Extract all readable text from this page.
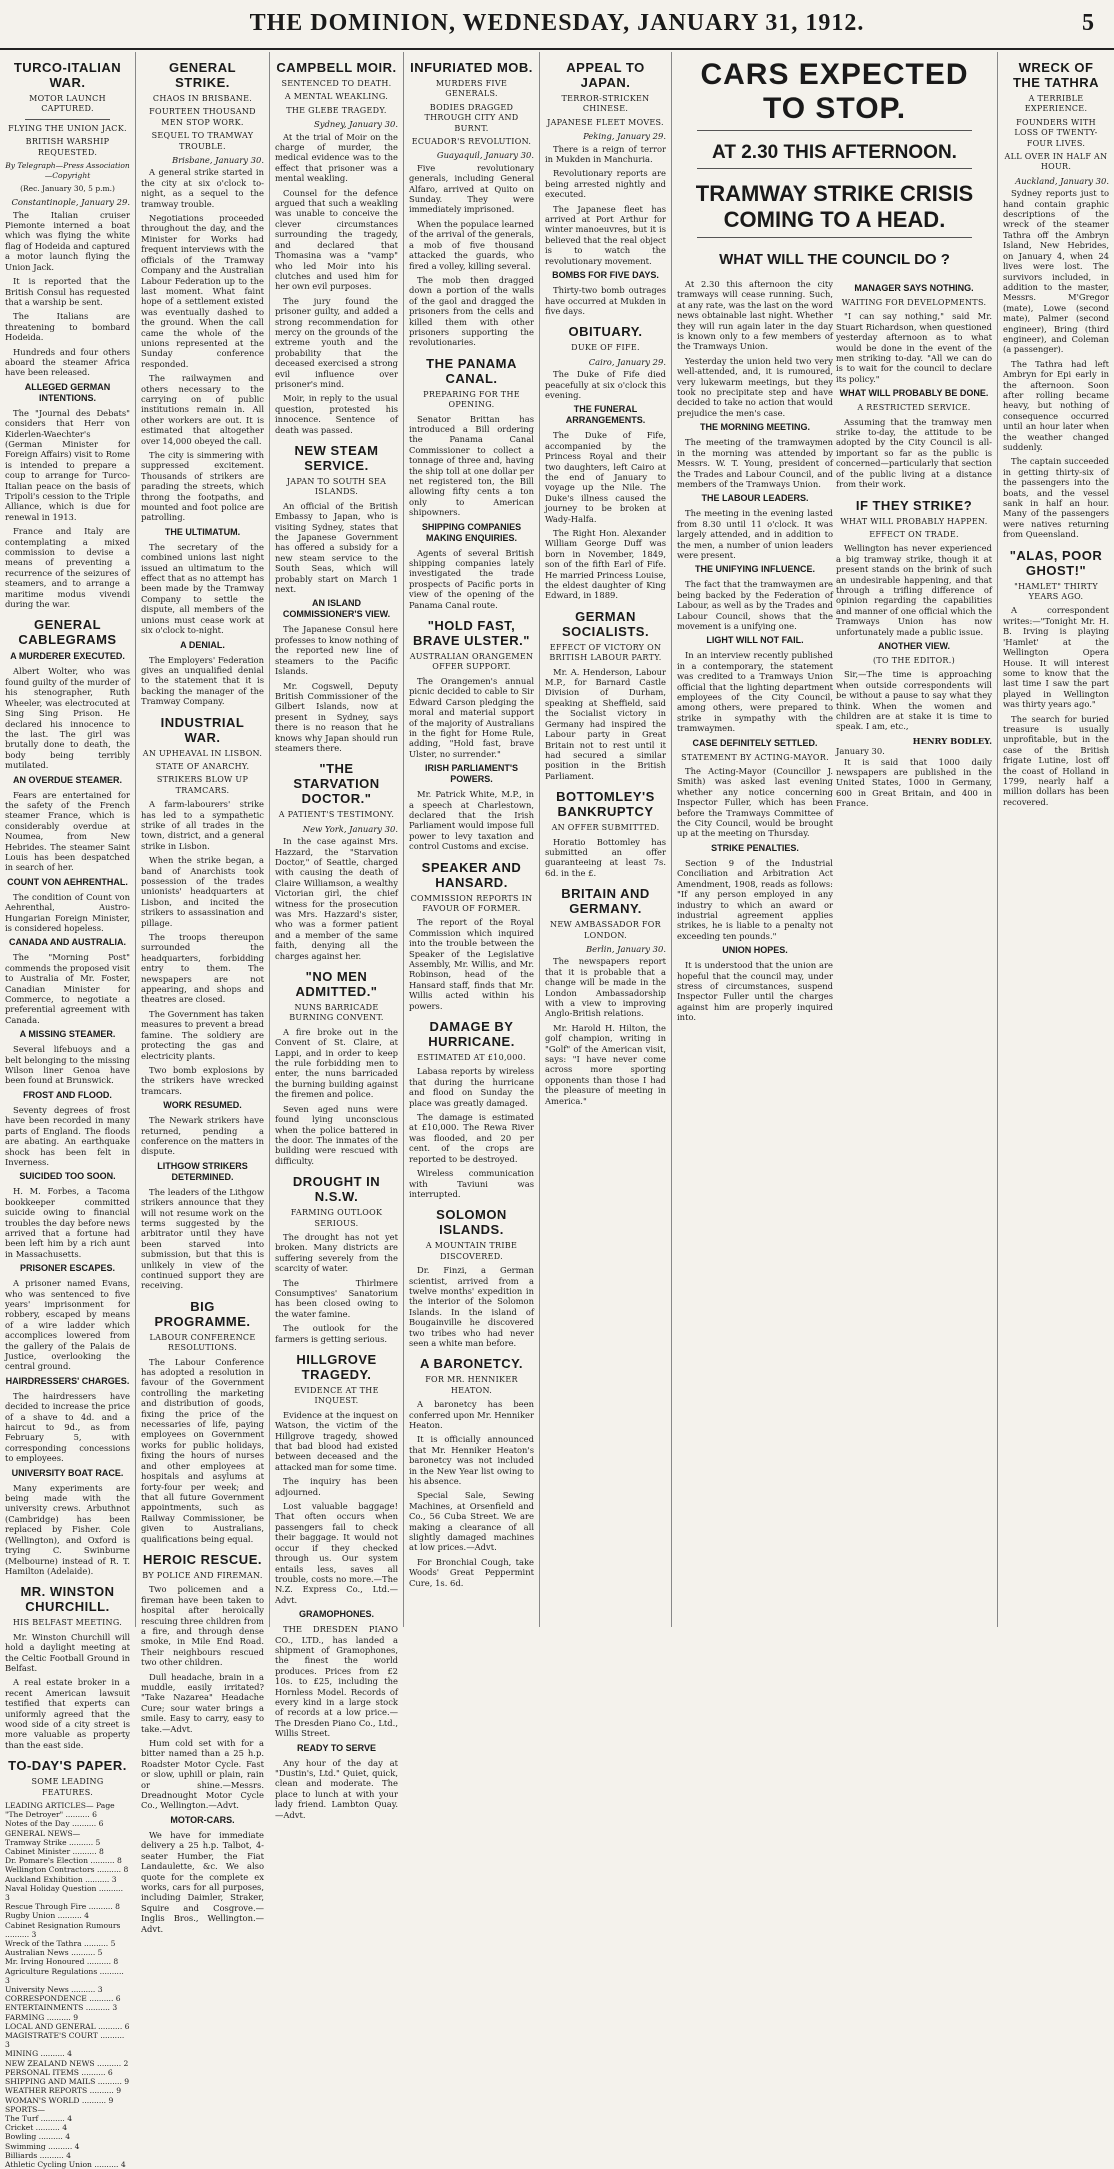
THE DOMINION, WEDNESDAY, JANUARY 31, 1912.	5
TURCO-ITALIAN WAR.
MOTOR LAUNCH CAPTURED.
FLYING THE UNION JACK.
BRITISH WARSHIP REQUESTED.
By Telegraph—Press Association—Copyright
(Rec. January 30, 5 p.m.)
Constantinople, January 29.

The Italian cruiser Piemonte interned a boat which was flying the white flag of Hodeida and captured a motor launch flying the Union Jack.

It is reported that the British Consul has requested that a warship be sent.

The Italians are threatening to bombard Hodeida.

Hundreds and four others aboard the steamer Africa have been released.

ALLEGED GERMAN INTENTIONS.

The "Journal des Debats" considers that Herr von Kiderlen-Waechter's (German Minister for Foreign Affairs) visit to Rome is intended to prepare a coup to arrange for Turco-Italian peace on the basis of Tripoli's cession to the Triple Alliance, which is due for renewal in 1913.

France and Italy are contemplating a mixed commission to devise a means of preventing a recurrence of the seizures of steamers, and to arrange a maritime modus vivendi during the war.

GENERAL CABLEGRAMS
A MURDERER EXECUTED.

Albert Wolter, who was found guilty of the murder of his stenographer, Ruth Wheeler, was electrocuted at Sing Sing Prison. He declared his innocence to the last. The girl was brutally done to death, the body being terribly mutilated.

AN OVERDUE STEAMER.

Fears are entertained for the safety of the French steamer France, which is considerably overdue at Noumea, from New Hebrides. The steamer Saint Louis has been despatched in search of her.

COUNT VON AEHRENTHAL.

The condition of Count von Aehrenthal, Austro-Hungarian Foreign Minister, is considered hopeless.

CANADA AND AUSTRALIA.

The "Morning Post" commends the proposed visit to Australia of Mr. Foster, Canadian Minister for Commerce, to negotiate a preferential agreement with Canada.

A MISSING STEAMER.

Several lifebuoys and a belt belonging to the missing Wilson liner Genoa have been found at Brunswick.

FROST AND FLOOD.

Seventy degrees of frost have been recorded in many parts of England. The floods are abating. An earthquake shock has been felt in Inverness.

SUICIDED TOO SOON.

H. M. Forbes, a Tacoma bookkeeper committed suicide owing to financial troubles the day before news arrived that a fortune had been left him by a rich aunt in Massachusetts.

PRISONER ESCAPES.

A prisoner named Evans, who was sentenced to five years' imprisonment for robbery, escaped by means of a wire ladder which accomplices lowered from the gallery of the Palais de Justice, overlooking the central ground.

HAIRDRESSERS' CHARGES.

The hairdressers have decided to increase the price of a shave to 4d. and a haircut to 9d., as from February 5, with corresponding concessions to employees.

UNIVERSITY BOAT RACE.

Many experiments are being made with the university crews. Arbuthnot (Cambridge) has been replaced by Fisher. Cole (Wellington), and Oxford is trying C. Swinburne (Melbourne) instead of R. T. Hamilton (Adelaide).

MR. WINSTON CHURCHILL.
HIS BELFAST MEETING.

Mr. Winston Churchill will hold a daylight meeting at the Celtic Football Ground in Belfast.

A real estate broker in a recent American lawsuit testified that experts can uniformly agreed that the wood side of a city street is more valuable as property than the east side.

TO-DAY'S PAPER.
SOME LEADING FEATURES.
LEADING ARTICLES— Page
"The Detroyer" .......... 6
Notes of the Day .......... 6
GENERAL NEWS—
Tramway Strike .......... 5
Cabinet Minister .......... 8
Dr. Pomare's Election .......... 8
Wellington Contractors .......... 8
Auckland Exhibition .......... 3
Naval Holiday Question .......... 3
Rescue Through Fire .......... 8
Rugby Union .......... 4
Cabinet Resignation Rumours .......... 3
Wreck of the Tathra .......... 5
Australian News .......... 5
Mr. Irving Honoured .......... 8
Agriculture Regulations .......... 3
University News .......... 3
CORRESPONDENCE .......... 6
ENTERTAINMENTS .......... 3
FARMING .......... 9
LOCAL AND GENERAL .......... 6
MAGISTRATE'S COURT .......... 3
MINING .......... 4
NEW ZEALAND NEWS .......... 2
PERSONAL ITEMS .......... 6
SHIPPING AND MAILS .......... 9
WEATHER REPORTS .......... 9
WOMAN'S WORLD .......... 9
SPORTS—
The Turf .......... 4
Cricket .......... 4
Bowling .......... 4
Swimming .......... 4
Billiards .......... 4
Athletic Cycling Union .......... 4
GENERAL STRIKE.
CHAOS IN BRISBANE.
FOURTEEN THOUSAND MEN STOP WORK.
SEQUEL TO TRAMWAY TROUBLE.
Brisbane, January 30.

A general strike started in the city at six o'clock to-night, as a sequel to the tramway trouble.

Negotiations proceeded throughout the day, and the Minister for Works had frequent interviews with the officials of the Tramway Company and the Australian Labour Federation up to the last moment. What faint hope of a settlement existed was eventually dashed to the ground. When the call came the whole of the unions represented at the Sunday conference responded.

The railwaymen and others necessary to the carrying on of public institutions remain in. All other workers are out. It is estimated that altogether over 14,000 obeyed the call.

The city is simmering with suppressed excitement. Thousands of strikers are parading the streets, which throng the footpaths, and mounted and foot police are patrolling.

THE ULTIMATUM.

The secretary of the combined unions last night issued an ultimatum to the effect that as no attempt has been made by the Tramway Company to settle the dispute, all members of the unions must cease work at six o'clock to-night.

A DENIAL.

The Employers' Federation gives an unqualified denial to the statement that it is backing the manager of the Tramway Company.

INDUSTRIAL WAR.
AN UPHEAVAL IN LISBON.
STATE OF ANARCHY.
STRIKERS BLOW UP TRAMCARS.

A farm-labourers' strike has led to a sympathetic strike of all trades in the town, district, and a general strike in Lisbon.

When the strike began, a band of Anarchists took possession of the trades unionists' headquarters at Lisbon, and incited the strikers to assassination and pillage.

The troops thereupon surrounded the headquarters, forbidding entry to them. The newspapers are not appearing, and shops and theatres are closed.

The Government has taken measures to prevent a bread famine. The soldiery are protecting the gas and electricity plants.

Two bomb explosions by the strikers have wrecked tramcars.

WORK RESUMED.

The Newark strikers have returned, pending a conference on the matters in dispute.

LITHGOW STRIKERS DETERMINED.

The leaders of the Lithgow strikers announce that they will not resume work on the terms suggested by the arbitrator until they have been starved into submission, but that this is unlikely in view of the continued support they are receiving.

BIG PROGRAMME.
LABOUR CONFERENCE RESOLUTIONS.

The Labour Conference has adopted a resolution in favour of the Government controlling the marketing and distribution of goods, fixing the price of the necessaries of life, paying employees on Government works for public holidays, fixing the hours of nurses and other employees at hospitals and asylums at forty-four per week; and that all future Government appointments, such as Railway Commissioner, be given to Australians, qualifications being equal.

HEROIC RESCUE.
BY POLICE AND FIREMAN.

Two policemen and a fireman have been taken to hospital after heroically rescuing three children from a fire, and through dense smoke, in Mile End Road. Their neighbours rescued two other children.

Dull headache, brain in a muddle, easily irritated? "Take Nazarea" Headache Cure; sour water brings a smile. Easy to carry, easy to take.—Advt.

Hum cold set with for a bitter named than a 25 h.p. Roadster Motor Cycle. Fast or slow, uphill or plain, rain or shine.—Messrs. Dreadnought Motor Cycle Co., Wellington.—Advt.

MOTOR-CARS.

We have for immediate delivery a 25 h.p. Talbot, 4-seater Humber, the Fiat Landaulette, &c. We also quote for the complete ex works, cars for all purposes, including Daimler, Straker, Squire and Cosgrove.—Inglis Bros., Wellington.—Advt.

CAMPBELL MOIR.
SENTENCED TO DEATH.
A MENTAL WEAKLING.
THE GLEBE TRAGEDY.
Sydney, January 30.

At the trial of Moir on the charge of murder, the medical evidence was to the effect that prisoner was a mental weakling.

Counsel for the defence argued that such a weakling was unable to conceive the clever circumstances surrounding the tragedy, and declared that Thomasina was a "vamp" who led Moir into his clutches and used him for her own evil purposes.

The jury found the prisoner guilty, and added a strong recommendation for mercy on the grounds of the extreme youth and the probability that the deceased exercised a strong evil influence over prisoner's mind.

Moir, in reply to the usual question, protested his innocence. Sentence of death was passed.

NEW STEAM SERVICE.
JAPAN TO SOUTH SEA ISLANDS.

An official of the British Embassy to Japan, who is visiting Sydney, states that the Japanese Government has offered a subsidy for a new steam service to the South Seas, which will probably start on March 1 next.

AN ISLAND COMMISSIONER'S VIEW.

The Japanese Consul here professes to know nothing of the reported new line of steamers to the Pacific Islands.

Mr. Cogswell, Deputy British Commissioner of the Gilbert Islands, now at present in Sydney, says there is no reason that he knows why Japan should run steamers there.

"THE STARVATION DOCTOR."
A PATIENT'S TESTIMONY.
New York, January 30.

In the case against Mrs. Hazzard, the "Starvation Doctor," of Seattle, charged with causing the death of Claire Williamson, a wealthy Victorian girl, the chief witness for the prosecution was Mrs. Hazzard's sister, who was a former patient and a member of the same faith, denying all the charges against her.

"NO MEN ADMITTED."
NUNS BARRICADE BURNING CONVENT.

A fire broke out in the Convent of St. Claire, at Lappi, and in order to keep the rule forbidding men to enter, the nuns barricaded the burning building against the firemen and police.

Seven aged nuns were found lying unconscious when the police battered in the door. The inmates of the building were rescued with difficulty.

DROUGHT IN N.S.W.
FARMING OUTLOOK SERIOUS.

The drought has not yet broken. Many districts are suffering severely from the scarcity of water.

The Thirlmere Consumptives' Sanatorium has been closed owing to the water famine.

The outlook for the farmers is getting serious.

HILLGROVE TRAGEDY.
EVIDENCE AT THE INQUEST.

Evidence at the inquest on Watson, the victim of the Hillgrove tragedy, showed that bad blood had existed between deceased and the attacked man for some time.

The inquiry has been adjourned.

Lost valuable baggage! That often occurs when passengers fail to check their baggage. It would not occur if they checked through us. Our system entails less, saves all trouble, costs no more.—The N.Z. Express Co., Ltd.—Advt.

GRAMOPHONES.

THE DRESDEN PIANO CO., LTD., has landed a shipment of Gramophones, the finest the world produces. Prices from £2 10s. to £25, including the Hornless Model. Records of every kind in a large stock of records at a low price.—The Dresden Piano Co., Ltd., Willis Street.

READY TO SERVE

Any hour of the day at "Dustin's, Ltd." Quiet, quick, clean and moderate. The place to lunch at with your lady friend. Lambton Quay.—Advt.

INFURIATED MOB.
MURDERS FIVE GENERALS.
BODIES DRAGGED THROUGH CITY AND BURNT.
ECUADOR'S REVOLUTION.
Guayaquil, January 30.

Five revolutionary generals, including General Alfaro, arrived at Quito on Sunday. They were immediately imprisoned.

When the populace learned of the arrival of the generals, a mob of five thousand attacked the guards, who fired a volley, killing several.

The mob then dragged down a portion of the walls of the gaol and dragged the prisoners from the cells and killed them with other prisoners supporting the revolutionaries.

THE PANAMA CANAL.
PREPARING FOR THE OPENING.

Senator Brittan has introduced a Bill ordering the Panama Canal Commissioner to collect a tonnage of three and, having the ship toll at one dollar per net registered ton, the Bill allowing fifty cents a ton only to American shipowners.

SHIPPING COMPANIES MAKING ENQUIRIES.

Agents of several British shipping companies lately investigated the trade prospects of Pacific ports in view of the opening of the Panama Canal route.

"HOLD FAST, BRAVE ULSTER."
AUSTRALIAN ORANGEMEN OFFER SUPPORT.

The Orangemen's annual picnic decided to cable to Sir Edward Carson pledging the moral and material support of the majority of Australians in the fight for Home Rule, adding, "Hold fast, brave Ulster, no surrender."

IRISH PARLIAMENT'S POWERS.

Mr. Patrick White, M.P., in a speech at Charlestown, declared that the Irish Parliament would impose full power to levy taxation and control Customs and excise.

SPEAKER AND HANSARD.
COMMISSION REPORTS IN FAVOUR OF FORMER.

The report of the Royal Commission which inquired into the trouble between the Speaker of the Legislative Assembly, Mr. Willis, and Mr. Robinson, head of the Hansard staff, finds that Mr. Willis acted within his powers.

DAMAGE BY HURRICANE.
ESTIMATED AT £10,000.

Labasa reports by wireless that during the hurricane and flood on Sunday the place was greatly damaged.

The damage is estimated at £10,000. The Rewa River was flooded, and 20 per cent. of the crops are reported to be destroyed.

Wireless communication with Taviuni was interrupted.

SOLOMON ISLANDS.
A MOUNTAIN TRIBE DISCOVERED.

Dr. Finzi, a German scientist, arrived from a twelve months' expedition in the interior of the Solomon Islands. In the island of Bougainville he discovered two tribes who had never seen a white man before.

A BARONETCY.
FOR MR. HENNIKER HEATON.

A baronetcy has been conferred upon Mr. Henniker Heaton.

It is officially announced that Mr. Henniker Heaton's baronetcy was not included in the New Year list owing to his absence.

Special Sale, Sewing Machines, at Orsenfield and Co., 56 Cuba Street. We are making a clearance of all slightly damaged machines at low prices.—Advt.

For Bronchial Cough, take Woods' Great Peppermint Cure, 1s. 6d.

APPEAL TO JAPAN.
TERROR-STRICKEN CHINESE.
JAPANESE FLEET MOVES.
Peking, January 29.

There is a reign of terror in Mukden in Manchuria.

Revolutionary reports are being arrested nightly and executed.

The Japanese fleet has arrived at Port Arthur for winter manoeuvres, but it is believed that the real object is to watch the revolutionary movement.

BOMBS FOR FIVE DAYS.

Thirty-two bomb outrages have occurred at Mukden in five days.

OBITUARY.
DUKE OF FIFE.
Cairo, January 29.

The Duke of Fife died peacefully at six o'clock this evening.

THE FUNERAL ARRANGEMENTS.

The Duke of Fife, accompanied by the Princess Royal and their two daughters, left Cairo at the end of January to voyage up the Nile. The Duke's illness caused the journey to be broken at Wady-Halfa.

The Right Hon. Alexander William George Duff was born in November, 1849, son of the fifth Earl of Fife. He married Princess Louise, the eldest daughter of King Edward, in 1889.

GERMAN SOCIALISTS.
EFFECT OF VICTORY ON BRITISH LABOUR PARTY.

Mr. A. Henderson, Labour M.P., for Barnard Castle Division of Durham, speaking at Sheffield, said the Socialist victory in Germany had inspired the Labour party in Great Britain not to rest until it had secured a similar position in the British Parliament.

BOTTOMLEY'S BANKRUPTCY
AN OFFER SUBMITTED.

Horatio Bottomley has submitted an offer guaranteeing at least 7s. 6d. in the £.

BRITAIN AND GERMANY.
NEW AMBASSADOR FOR LONDON.
Berlin, January 30.

The newspapers report that it is probable that a change will be made in the London Ambassadorship with a view to improving Anglo-British relations.

Mr. Harold H. Hilton, the golf champion, writing in "Golf" of the American visit, says: "I have never come across more sporting opponents than those I had the pleasure of meeting in America."

CARS EXPECTED TO STOP.
AT 2.30 THIS AFTERNOON.
TRAMWAY STRIKE CRISIS COMING TO A HEAD.
WHAT WILL THE COUNCIL DO ?

At 2.30 this afternoon the city tramways will cease running. Such, at any rate, was the last on the word news obtainable last night. Whether they will run again later in the day is known only to a few members of the Tramways Union.

Yesterday the union held two very well-attended, and, it is rumoured, very lukewarm meetings, but they took no precipitate step and have decided to take no action that would prejudice the men's case.

THE MORNING MEETING.

The meeting of the tramwaymen in the morning was attended by Messrs. W. T. Young, president of the Trades and Labour Council, and members of the Tramways Union.

THE LABOUR LEADERS.

The meeting in the evening lasted from 8.30 until 11 o'clock. It was largely attended, and in addition to the men, a number of union leaders were present.

THE UNIFYING INFLUENCE.

The fact that the tramwaymen are being backed by the Federation of Labour, as well as by the Trades and Labour Council, shows that the movement is a unifying one.

LIGHT WILL NOT FAIL.

In an interview recently published in a contemporary, the statement was credited to a Tramways Union official that the lighting department employees of the City Council, among others, were prepared to strike in sympathy with the tramwaymen.

CASE DEFINITELY SETTLED.
STATEMENT BY ACTING-MAYOR.

The Acting-Mayor (Councillor J. Smith) was asked last evening whether any notice concerning Inspector Fuller, which has been before the Tramways Committee of the City Council, would be brought up at the meeting on Thursday.

STRIKE PENALTIES.

Section 9 of the Industrial Conciliation and Arbitration Act Amendment, 1908, reads as follows: "If any person employed in any industry to which an award or industrial agreement applies strikes, he is liable to a penalty not exceeding ten pounds."

UNION HOPES.

It is understood that the union are hopeful that the council may, under stress of circumstances, suspend Inspector Fuller until the charges against him are properly inquired into.

MANAGER SAYS NOTHING.
WAITING FOR DEVELOPMENTS.

"I can say nothing," said Mr. Stuart Richardson, when questioned yesterday afternoon as to what would be done in the event of the men striking to-day. "All we can do is to wait for the council to declare its policy."

WHAT WILL PROBABLY BE DONE.
A RESTRICTED SERVICE.

Assuming that the tramway men strike to-day, the attitude to be adopted by the City Council is all-important so far as the public is concerned—particularly that section of the public living at a distance from their work.

IF THEY STRIKE?
WHAT WILL PROBABLY HAPPEN.
EFFECT ON TRADE.

Wellington has never experienced a big tramway strike, though it at present stands on the brink of such an undesirable happening, and that through a trifling difference of opinion regarding the capabilities and manner of one official which the Tramways Union has now unfortunately made a public issue.

ANOTHER VIEW.
(TO THE EDITOR.)

Sir,—The time is approaching when outside correspondents will be without a pause to say what they think. When the women and children are at stake it is time to speak. I am, etc.,

HENRY BODLEY.
January 30.

It is said that 1000 daily newspapers are published in the United States, 1000 in Germany, 600 in Great Britain, and 400 in France.

WRECK OF THE TATHRA
A TERRIBLE EXPERIENCE.
FOUNDERS WITH LOSS OF TWENTY-FOUR LIVES.
ALL OVER IN HALF AN HOUR.
Auckland, January 30.

Sydney reports just to hand contain graphic descriptions of the wreck of the steamer Tathra off the Ambryn Island, New Hebrides, on January 4, when 24 lives were lost. The survivors included, in addition to the master, Messrs. M'Gregor (mate), Lowe (second mate), Palmer (second engineer), Bring (third engineer), and Coleman (a passenger).

The Tathra had left Ambryn for Epi early in the afternoon. Soon after rolling became heavy, but nothing of consequence occurred until an hour later when the weather changed suddenly.

The captain succeeded in getting thirty-six of the passengers into the boats, and the vessel sank in half an hour. Many of the passengers were natives returning from Queensland.

"ALAS, POOR GHOST!"
"HAMLET" THIRTY YEARS AGO.

A correspondent writes:—"Tonight Mr. H. B. Irving is playing 'Hamlet' at the Wellington Opera House. It will interest some to know that the last time I saw the part played in Wellington was thirty years ago."

The search for buried treasure is usually unprofitable, but in the case of the British frigate Lutine, lost off the coast of Holland in 1799, nearly half a million dollars has been recovered.
